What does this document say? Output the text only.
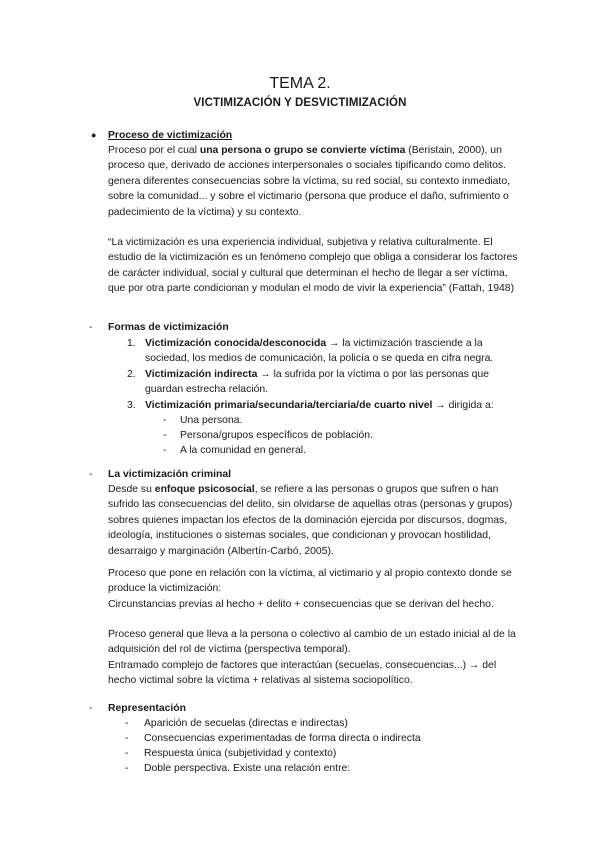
TEMA 2.
VICTIMIZACIÓN Y DESVICTIMIZACIÓN
● Proceso de victimización

Proceso por el cual una persona o grupo se convierte víctima (Beristain, 2000), un proceso que, derivado de acciones interpersonales o sociales tipificando como delitos. genera diferentes consecuencias sobre la víctima, su red social, su contexto inmediato, sobre la comunidad... y sobre el victimario (persona que produce el daño, sufrimiento o padecimiento de la víctima) y su contexto.

“La victimización es una experiencia individual, subjetiva y relativa culturalmente. El estudio de la victimización es un fenómeno complejo que obliga a considerar los factores de carácter individual, social y cultural que determinan el hecho de llegar a ser víctima, que por otra parte condicionan y modulan el modo de vivir la experiencia” (Fattah, 1948)

- Formas de victimización
1. Victimización conocida/desconocida → la victimización trasciende a la sociedad, los medios de comunicación, la policía o se queda en cifra negra.
2. Victimización indirecta → la sufrida por la víctima o por las personas que guardan estrecha relación.
3. Victimización primaria/secundaria/terciaria/de cuarto nivel → dirigida a:
- Una persona.
- Persona/grupos específicos de población.
- A la comunidad en general.
- La victimización criminal

Desde su enfoque psicosocial, se refiere a las personas o grupos que sufren o han sufrido las consecuencias del delito, sin olvidarse de aquellas otras (personas y grupos) sobres quienes impactan los efectos de la dominación ejercida por discursos, dogmas, ideología, instituciones o sistemas sociales, que condicionan y provocan hostilidad, desarraigo y marginación (Albertín-Carbó, 2005).

Proceso que pone en relación con la víctima, al victimario y al propio contexto donde se produce la victimización:

Circunstancias previas al hecho + delito + consecuencias que se derivan del hecho.

Proceso general que lleva a la persona o colectivo al cambio de un estado inicial al de la adquisición del rol de víctima (perspectiva temporal).

Entramado complejo de factores que interactúan (secuelas, consecuencias...) → del hecho victimal sobre la víctima + relativas al sistema sociopolítico.

- Representación
- Aparición de secuelas (directas e indirectas)
- Consecuencias experimentadas de forma directa o indirecta
- Respuesta única (subjetividad y contexto)
- Doble perspectiva. Existe una relación entre:
